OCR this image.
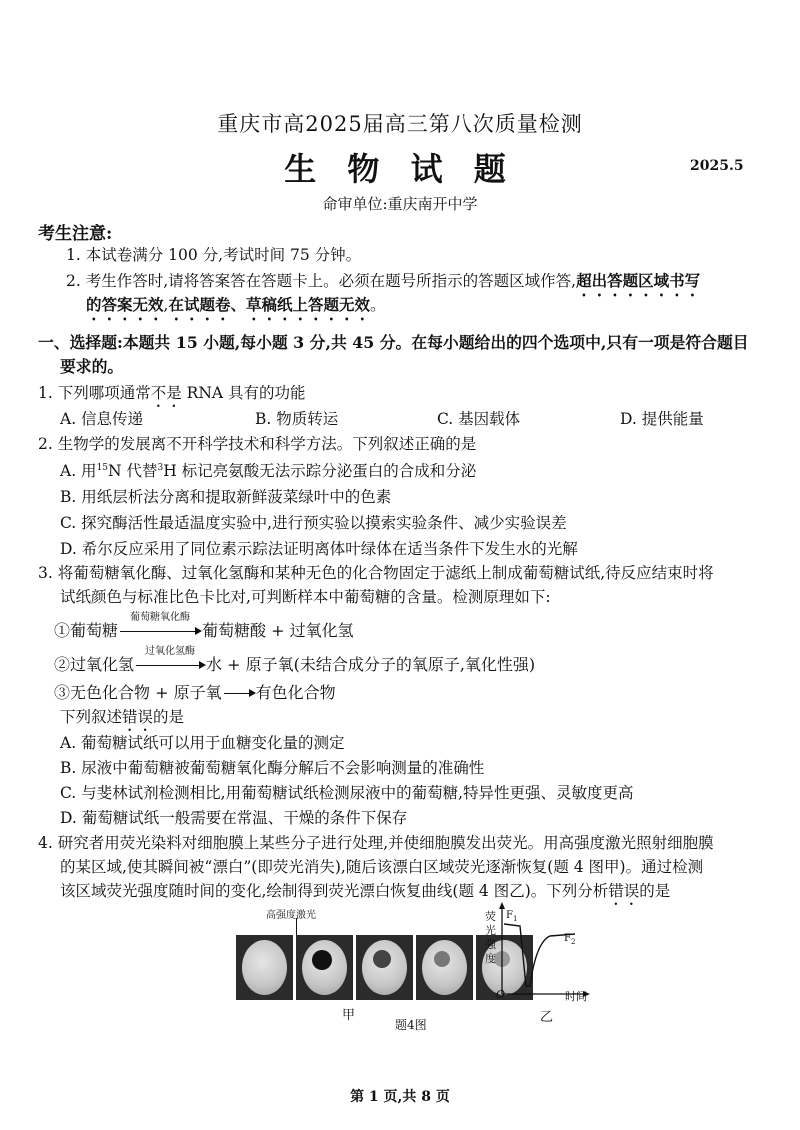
重庆市高2025届高三第八次质量检测
生 物 试 题	2025.5
命审单位:重庆南开中学
考生注意:
1. 本试卷满分 100 分,考试时间 75 分钟。
2. 考生作答时,请将答案答在答题卡上。必须在题号所指示的答题区域作答,超出答题区域书写
的答案无效,在试题卷、草稿纸上答题无效。
一、选择题:本题共 15 小题,每小题 3 分,共 45 分。在每小题给出的四个选项中,只有一项是符合题目
要求的。
1. 下列哪项通常不是 RNA 具有的功能
A. 信息传递	B. 物质转运	C. 基因载体	D. 提供能量
2. 生物学的发展离不开科学技术和科学方法。下列叙述正确的是
A. 用$^{15}$N 代替$^3$H 标记亮氨酸无法示踪分泌蛋白的合成和分泌
B. 用纸层析法分离和提取新鲜菠菜绿叶中的色素
C. 探究酶活性最适温度实验中,进行预实验以摸索实验条件、减少实验误差
D. 希尔反应采用了同位素示踪法证明离体叶绿体在适当条件下发生水的光解
3. 将葡萄糖氧化酶、过氧化氢酶和某种无色的化合物固定于滤纸上制成葡萄糖试纸,待反应结束时将
试纸颜色与标准比色卡比对,可判断样本中葡萄糖的含量。检测原理如下:
①葡萄糖
葡萄糖氧化酶
葡萄糖酸 + 过氧化氢
②过氧化氢
过氧化氢酶
水 + 原子氧(未结合成分子的氧原子,氧化性强)
③无色化合物 + 原子氧 有色化合物
下列叙述错误的是
A. 葡萄糖试纸可以用于血糖变化量的测定
B. 尿液中葡萄糖被葡萄糖氧化酶分解后不会影响测量的准确性
C. 与斐林试剂检测相比,用葡萄糖试纸检测尿液中的葡萄糖,特异性更强、灵敏度更高
D. 葡萄糖试纸一般需要在常温、干燥的条件下保存
4. 研究者用荧光染料对细胞膜上某些分子进行处理,并使细胞膜发出荧光。用高强度激光照射细胞膜
的某区域,使其瞬间被“漂白”(即荧光消失),随后该漂白区域荧光逐渐恢复(题 4 图甲)。通过检测
该区域荧光强度随时间的变化,绘制得到荧光漂白恢复曲线(题 4 图乙)。下列分析错误的是
高强度激光
甲
题4图
荧
光
强
度
$F_1$
$F_2$
O	时间
乙
第 1 页,共 8 页
